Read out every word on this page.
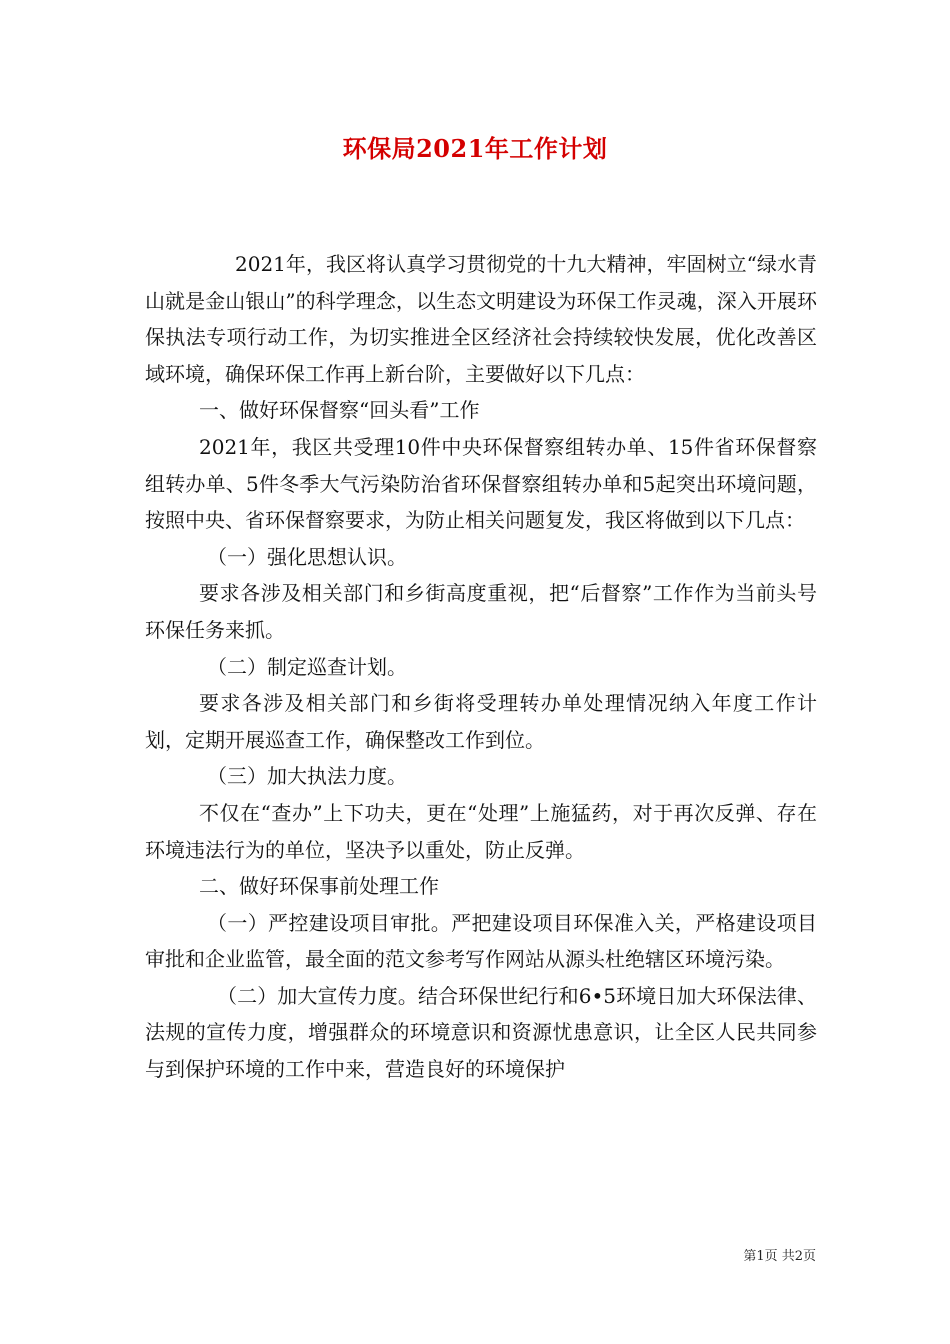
环保局2021年工作计划

2021年，我区将认真学习贯彻党的十九大精神，牢固树立“绿水青山就是金山银山”的科学理念，以生态文明建设为环保工作灵魂，深入开展环保执法专项行动工作，为切实推进全区经济社会持续较快发展，优化改善区域环境，确保环保工作再上新台阶，主要做好以下几点：

一、做好环保督察“回头看”工作

2021年，我区共受理10件中央环保督察组转办单、15件省环保督察组转办单、5件冬季大气污染防治省环保督察组转办单和5起突出环境问题，按照中央、省环保督察要求，为防止相关问题复发，我区将做到以下几点：

（一）强化思想认识。

要求各涉及相关部门和乡街高度重视，把“后督察”工作作为当前头号环保任务来抓。

（二）制定巡查计划。

要求各涉及相关部门和乡街将受理转办单处理情况纳入年度工作计划，定期开展巡查工作，确保整改工作到位。

（三）加大执法力度。

不仅在“查办”上下功夫，更在“处理”上施猛药，对于再次反弹、存在环境违法行为的单位，坚决予以重处，防止反弹。

二、做好环保事前处理工作

（一）严控建设项目审批。严把建设项目环保准入关，严格建设项目审批和企业监管，最全面的范文参考写作网站从源头杜绝辖区环境污染。

（二）加大宣传力度。结合环保世纪行和6•5环境日加大环保法律、法规的宣传力度，增强群众的环境意识和资源忧患意识，让全区人民共同参与到保护环境的工作中来，营造良好的环境保护

第1页 共2页
